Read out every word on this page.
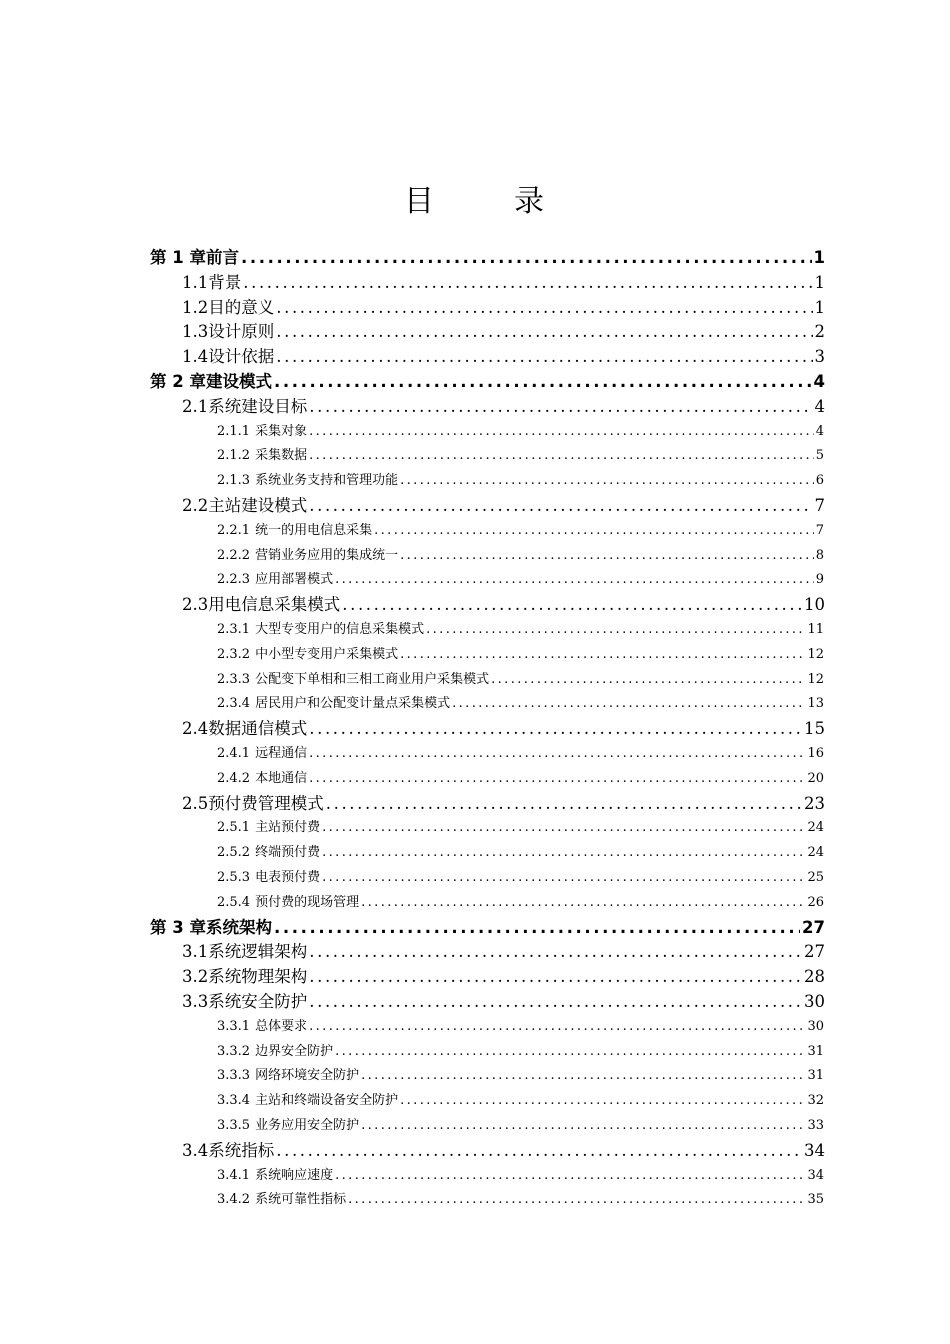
目	录
第 1 章 前言 .....	1
1.1 背景 .....	1
1.2 目的意义 .....	1
1.3 设计原则 .....	2
1.4 设计依据 .....	3
第 2 章 建设模式 .....	4
2.1 系统建设目标 .....	4
2.1.1 采集对象 .....	4
2.1.2 采集数据 .....	5
2.1.3 系统业务支持和管理功能 .....	6
2.2 主站建设模式 .....	7
2.2.1 统一的用电信息采集 .....	7
2.2.2 营销业务应用的集成统一 .....	8
2.2.3 应用部署模式 .....	9
2.3 用电信息采集模式 .....	10
2.3.1 大型专变用户的信息采集模式 .....	11
2.3.2 中小型专变用户采集模式 .....	12
2.3.3 公配变下单相和三相工商业用户采集模式 .....	12
2.3.4 居民用户和公配变计量点采集模式 .....	13
2.4 数据通信模式 .....	15
2.4.1 远程通信 .....	16
2.4.2 本地通信 .....	20
2.5 预付费管理模式 .....	23
2.5.1 主站预付费 .....	24
2.5.2 终端预付费 .....	24
2.5.3 电表预付费 .....	25
2.5.4 预付费的现场管理 .....	26
第 3 章 系统架构 .....	27
3.1 系统逻辑架构 .....	27
3.2 系统物理架构 .....	28
3.3 系统安全防护 .....	30
3.3.1 总体要求 .....	30
3.3.2 边界安全防护 .....	31
3.3.3 网络环境安全防护 .....	31
3.3.4 主站和终端设备安全防护 .....	32
3.3.5 业务应用安全防护 .....	33
3.4 系统指标 .....	34
3.4.1 系统响应速度 .....	34
3.4.2 系统可靠性指标 .....	35
